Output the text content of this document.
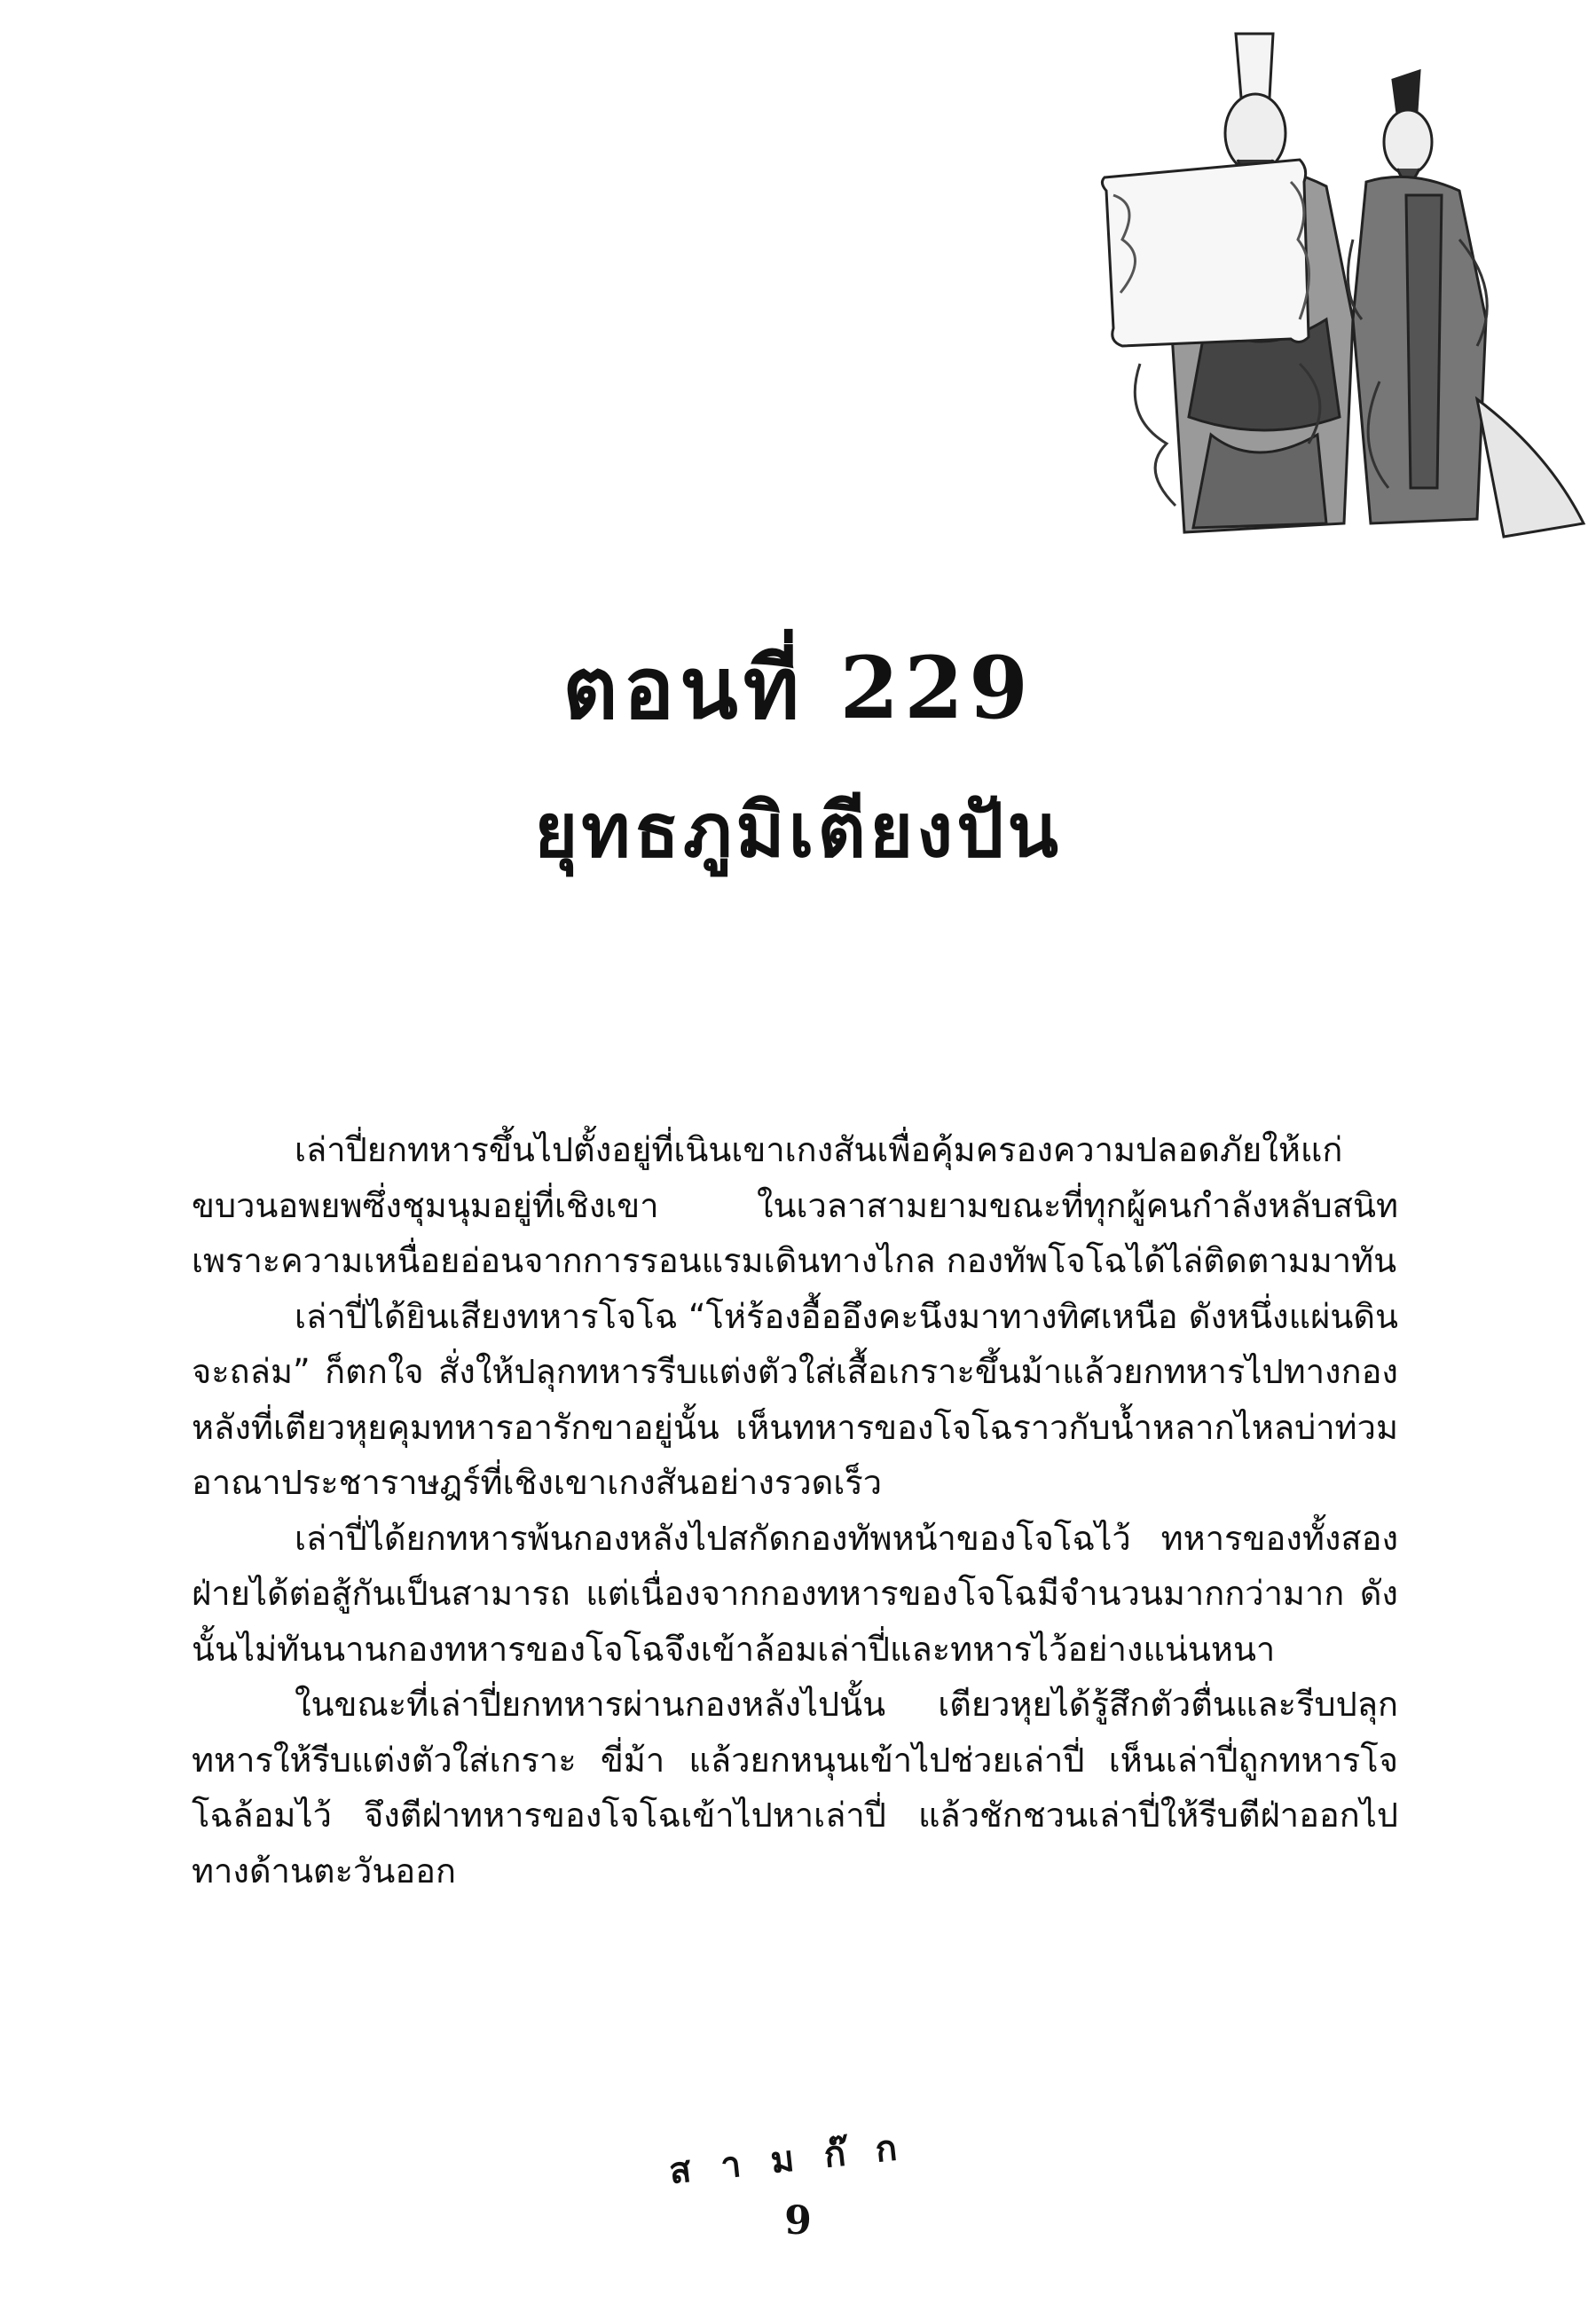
ตอนที่ 229
ยุทธภูมิเตียงปัน

เล่าปี่ยกทหารขึ้นไปตั้งอยู่ที่เนินเขาเกงสันเพื่อคุ้มครองความปลอดภัยให้แก่ขบวนอพยพซึ่งชุมนุมอยู่ที่เชิงเขา ในเวลาสามยามขณะที่ทุกผู้คนกำลังหลับสนิทเพราะความเหนื่อยอ่อนจากการรอนแรมเดินทางไกล กองทัพโจโฉได้ไล่ติดตามมาทัน

เล่าปี่ได้ยินเสียงทหารโจโฉ “โห่ร้องอื้ออึงคะนึงมาทางทิศเหนือ ดังหนึ่งแผ่นดินจะถล่ม” ก็ตกใจ สั่งให้ปลุกทหารรีบแต่งตัวใส่เสื้อเกราะขึ้นม้าแล้วยกทหารไปทางกองหลังที่เตียวหุยคุมทหารอารักขาอยู่นั้น เห็นทหารของโจโฉราวกับน้ำหลากไหลบ่าท่วมอาณาประชาราษฎร์ที่เชิงเขาเกงสันอย่างรวดเร็ว

เล่าปี่ได้ยกทหารพ้นกองหลังไปสกัดกองทัพหน้าของโจโฉไว้ ทหารของทั้งสองฝ่ายได้ต่อสู้กันเป็นสามารถ แต่เนื่องจากกองทหารของโจโฉมีจำนวนมากกว่ามาก ดังนั้นไม่ทันนานกองทหารของโจโฉจึงเข้าล้อมเล่าปี่และทหารไว้อย่างแน่นหนา

ในขณะที่เล่าปี่ยกทหารผ่านกองหลังไปนั้น เตียวหุยได้รู้สึกตัวตื่นและรีบปลุกทหารให้รีบแต่งตัวใส่เกราะ ขี่ม้า แล้วยกหนุนเข้าไปช่วยเล่าปี่ เห็นเล่าปี่ถูกทหารโจโฉล้อมไว้ จึงตีฝ่าทหารของโจโฉเข้าไปหาเล่าปี่ แล้วชักชวนเล่าปี่ให้รีบตีฝ่าออกไปทางด้านตะวันออก

สามก๊ก
9
